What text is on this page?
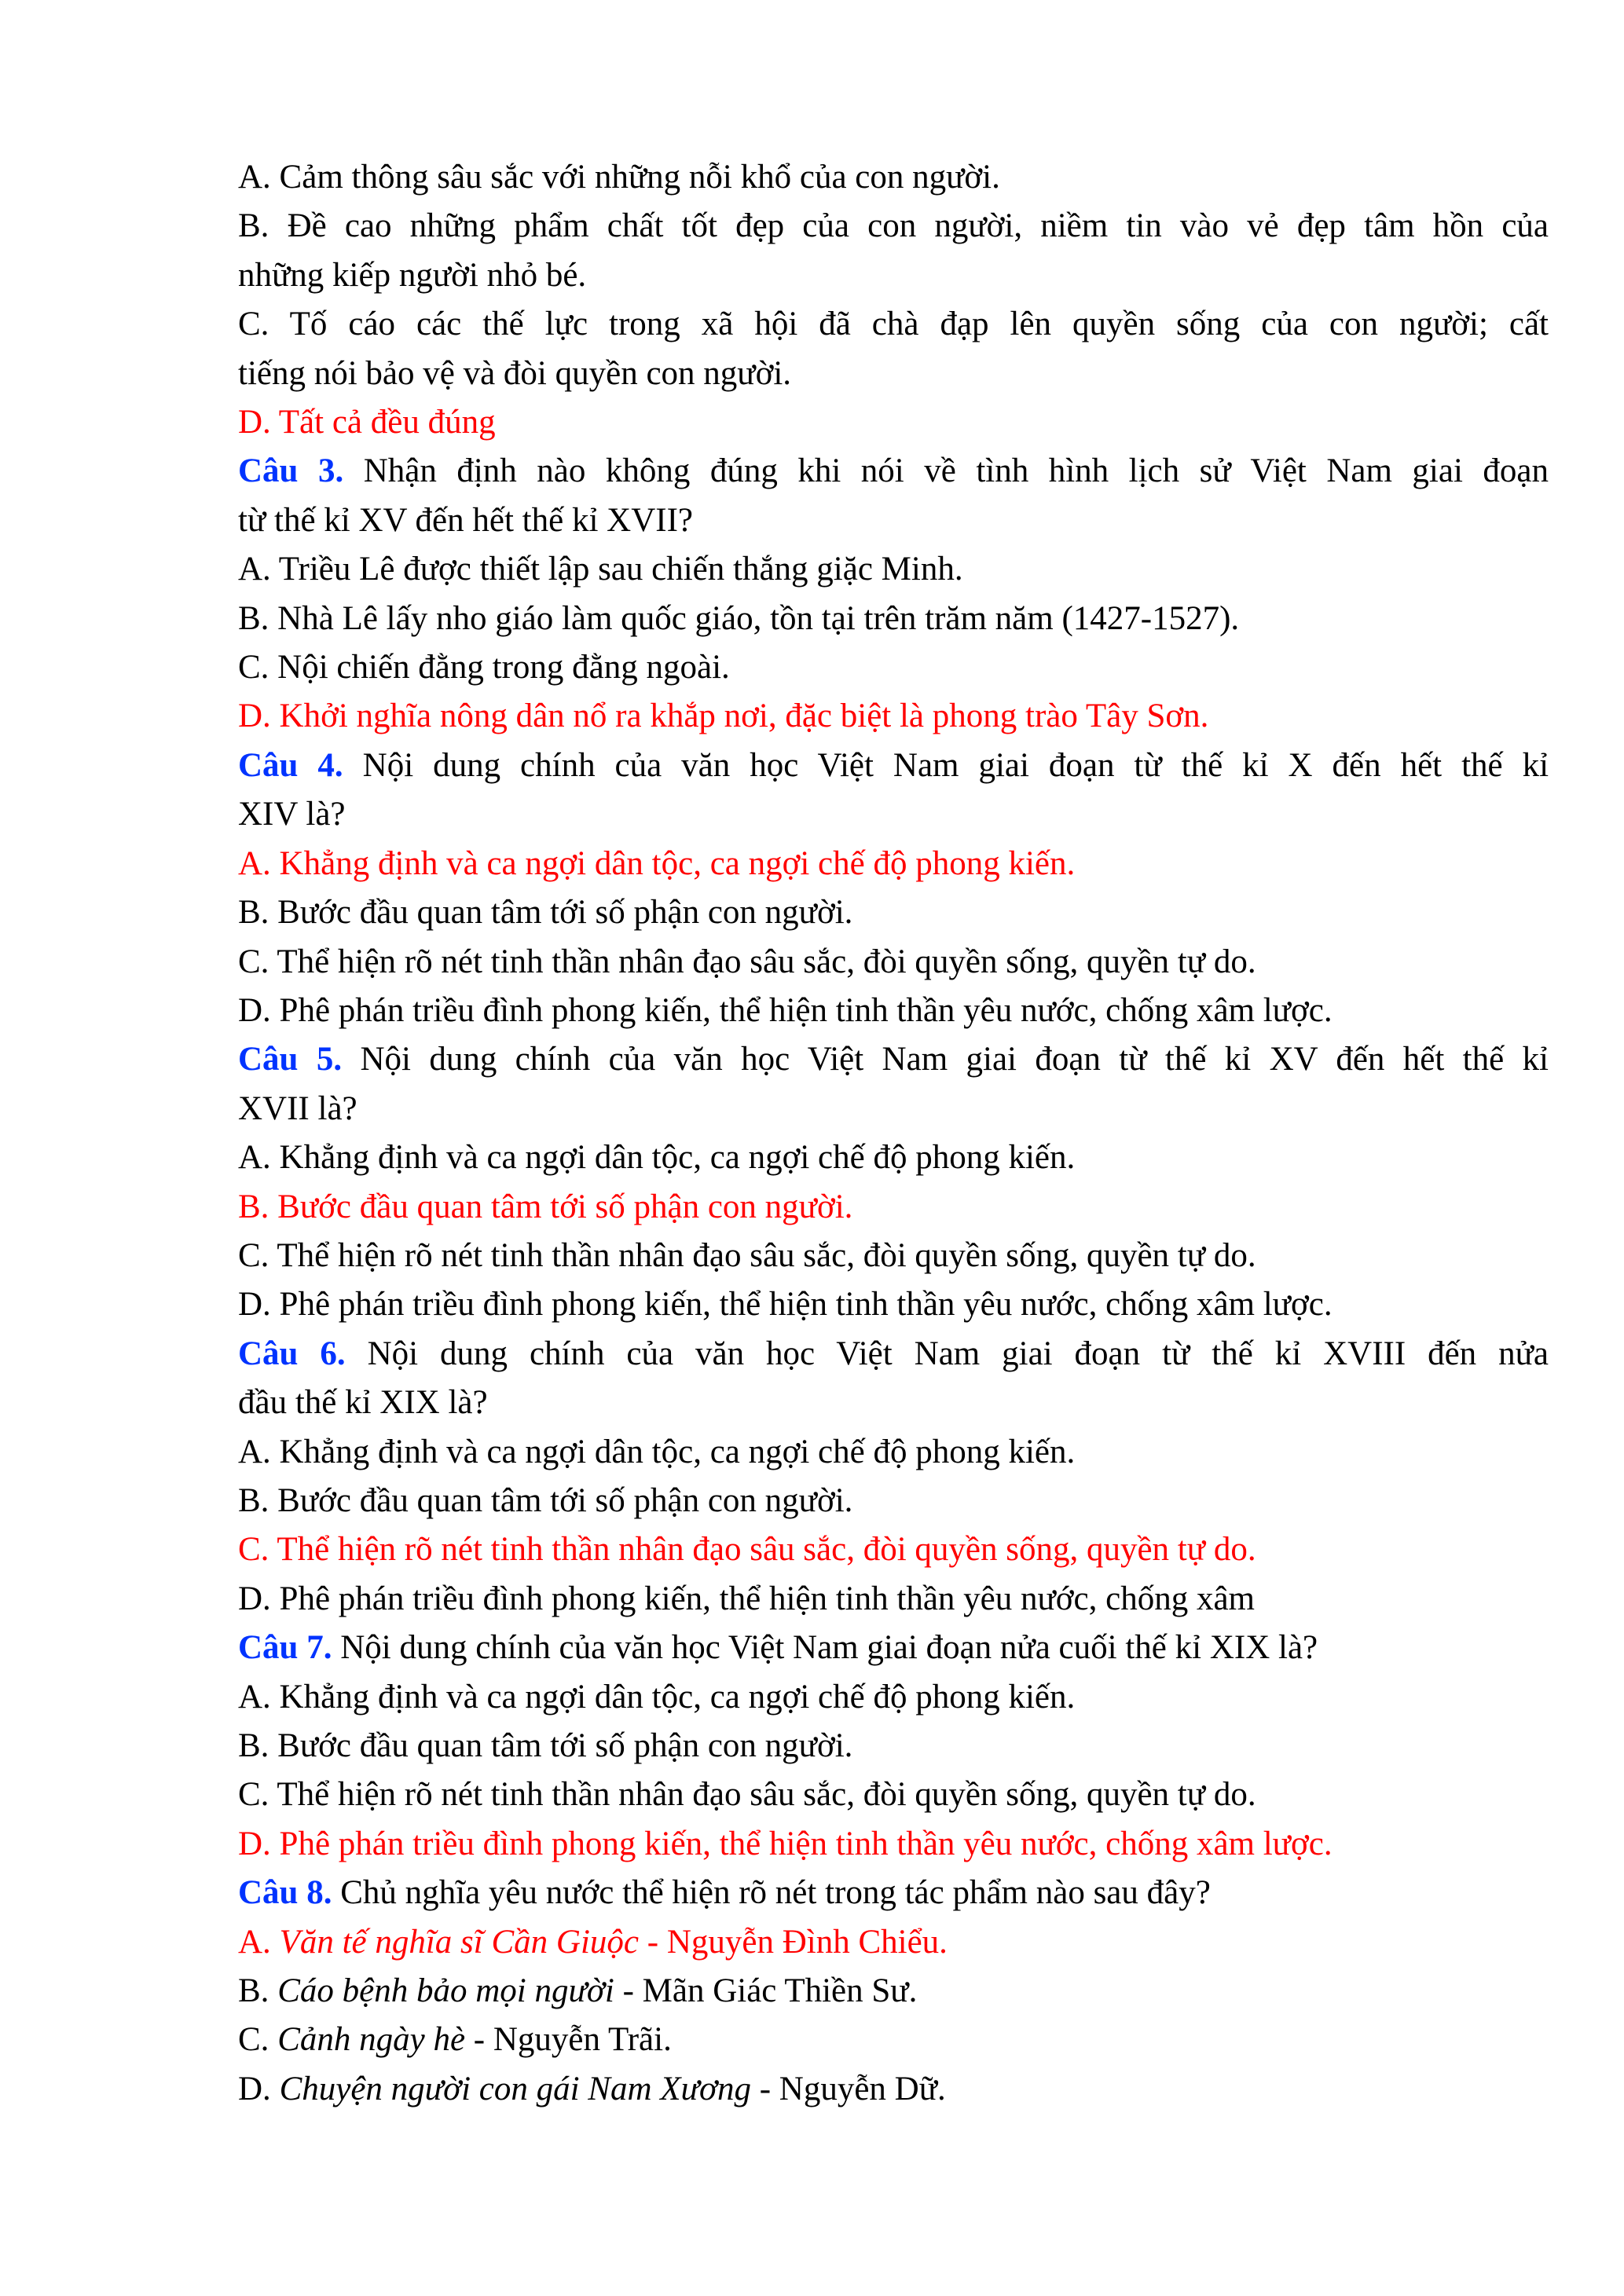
A. Cảm thông sâu sắc với những nỗi khổ của con người.

B. Đề cao những phẩm chất tốt đẹp của con người, niềm tin vào vẻ đẹp tâm hồn của

những kiếp người nhỏ bé.

C. Tố cáo các thế lực trong xã hội đã chà đạp lên quyền sống của con người; cất

tiếng nói bảo vệ và đòi quyền con người.

D. Tất cả đều đúng

Câu 3. Nhận định nào không đúng khi nói về tình hình lịch sử Việt Nam giai đoạn

từ thế kỉ XV đến hết thế kỉ XVII?

A. Triều Lê được thiết lập sau chiến thắng giặc Minh.

B. Nhà Lê lấy nho giáo làm quốc giáo, tồn tại trên trăm năm (1427-1527).

C. Nội chiến đằng trong đằng ngoài.

D. Khởi nghĩa nông dân nổ ra khắp nơi, đặc biệt là phong trào Tây Sơn.

Câu 4. Nội dung chính của văn học Việt Nam giai đoạn từ thế kỉ X đến hết thế kỉ

XIV là?

A. Khẳng định và ca ngợi dân tộc, ca ngợi chế độ phong kiến.

B. Bước đầu quan tâm tới số phận con người.

C. Thể hiện rõ nét tinh thần nhân đạo sâu sắc, đòi quyền sống, quyền tự do.

D. Phê phán triều đình phong kiến, thể hiện tinh thần yêu nước, chống xâm lược.

Câu 5. Nội dung chính của văn học Việt Nam giai đoạn từ thế kỉ XV đến hết thế kỉ

XVII là?

A. Khẳng định và ca ngợi dân tộc, ca ngợi chế độ phong kiến.

B. Bước đầu quan tâm tới số phận con người.

C. Thể hiện rõ nét tinh thần nhân đạo sâu sắc, đòi quyền sống, quyền tự do.

D. Phê phán triều đình phong kiến, thể hiện tinh thần yêu nước, chống xâm lược.

Câu 6. Nội dung chính của văn học Việt Nam giai đoạn từ thế kỉ XVIII đến nửa

đầu thế kỉ XIX là?

A. Khẳng định và ca ngợi dân tộc, ca ngợi chế độ phong kiến.

B. Bước đầu quan tâm tới số phận con người.

C. Thể hiện rõ nét tinh thần nhân đạo sâu sắc, đòi quyền sống, quyền tự do.

D. Phê phán triều đình phong kiến, thể hiện tinh thần yêu nước, chống xâm

Câu 7. Nội dung chính của văn học Việt Nam giai đoạn nửa cuối thế kỉ XIX là?

A. Khẳng định và ca ngợi dân tộc, ca ngợi chế độ phong kiến.

B. Bước đầu quan tâm tới số phận con người.

C. Thể hiện rõ nét tinh thần nhân đạo sâu sắc, đòi quyền sống, quyền tự do.

D. Phê phán triều đình phong kiến, thể hiện tinh thần yêu nước, chống xâm lược.

Câu 8. Chủ nghĩa yêu nước thể hiện rõ nét trong tác phẩm nào sau đây?

A. Văn tế nghĩa sĩ Cần Giuộc - Nguyễn Đình Chiểu.

B. Cáo bệnh bảo mọi người - Mãn Giác Thiền Sư.

C. Cảnh ngày hè - Nguyễn Trãi.

D. Chuyện người con gái Nam Xương - Nguyễn Dữ.
